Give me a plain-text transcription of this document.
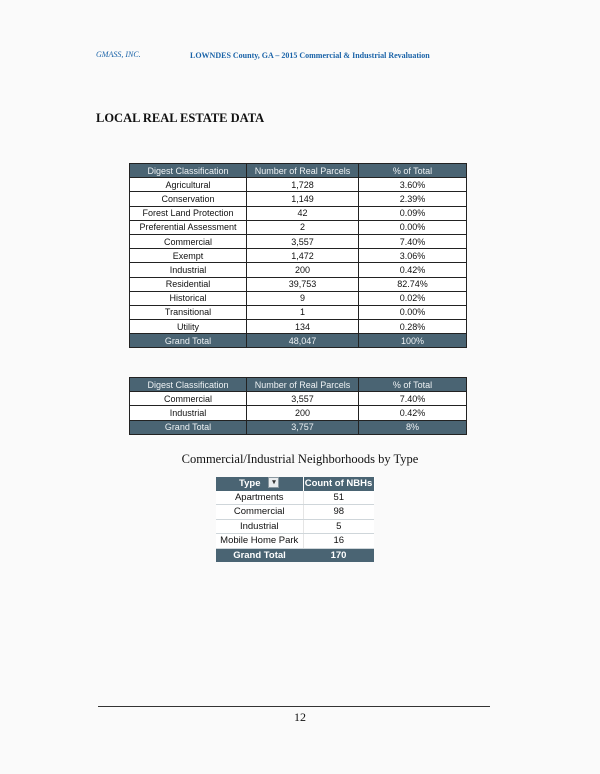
GMASS, INC.	LOWNDES County, GA – 2015 Commercial & Industrial Revaluation
LOCAL REAL ESTATE DATA
Digest Classification	Number of Real Parcels	% of Total
Agricultural	1,728	3.60%
Conservation	1,149	2.39%
Forest Land Protection	42	0.09%
Preferential Assessment	2	0.00%
Commercial	3,557	7.40%
Exempt	1,472	3.06%
Industrial	200	0.42%
Residential	39,753	82.74%
Historical	9	0.02%
Transitional	1	0.00%
Utility	134	0.28%
Grand Total	48,047	100%
Digest Classification	Number of Real Parcels	% of Total
Commercial	3,557	7.40%
Industrial	200	0.42%
Grand Total	3,757	8%
Commercial/Industrial Neighborhoods by Type
Type ▾	Count of NBHs
Apartments	51
Commercial	98
Industrial	5
Mobile Home Park	16
Grand Total	170
12
